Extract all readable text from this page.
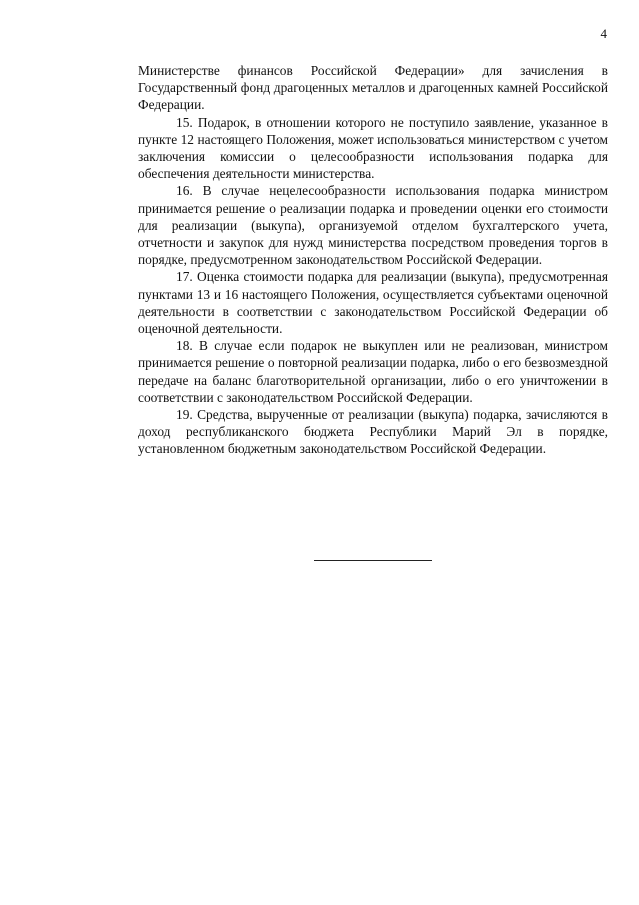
4

Министерстве финансов Российской Федерации» для зачисления в Государственный фонд драгоценных металлов и драгоценных камней Российской Федерации.

15. Подарок, в отношении которого не поступило заявление, указанное в пункте 12 настоящего Положения, может использоваться министерством с учетом заключения комиссии о целесообразности использования подарка для обеспечения деятельности министерства.

16. В случае нецелесообразности использования подарка министром принимается решение о реализации подарка и проведении оценки его стоимости для реализации (выкупа), организуемой отделом бухгалтерского учета, отчетности и закупок для нужд министерства посредством проведения торгов в порядке, предусмотренном законодательством Российской Федерации.

17. Оценка стоимости подарка для реализации (выкупа), предусмотренная пунктами 13 и 16 настоящего Положения, осуществляется субъектами оценочной деятельности в соответствии с законодательством Российской Федерации об оценочной деятельности.

18. В случае если подарок не выкуплен или не реализован, министром принимается решение о повторной реализации подарка, либо о его безвозмездной передаче на баланс благотворительной организации, либо о его уничтожении в соответствии с законодательством Российской Федерации.

19. Средства, вырученные от реализации (выкупа) подарка, зачисляются в доход республиканского бюджета Республики Марий Эл в порядке, установленном бюджетным законодательством Российской Федерации.
